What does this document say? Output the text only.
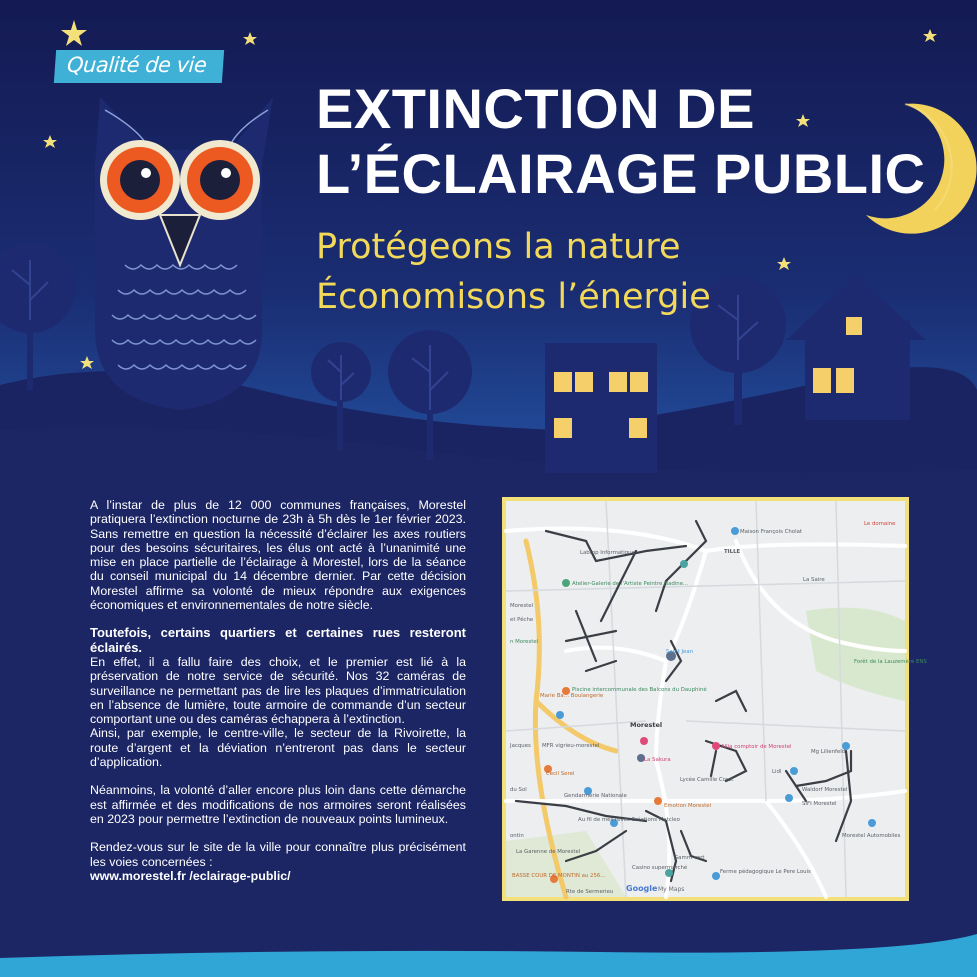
Qualité de vie
EXTINCTION DE
L’ÉCLAIRAGE PUBLIC
Protégeons la nature
Économisons l’énergie

A l’instar de plus de 12 000 communes françaises, Morestel pratiquera l’extinction nocturne de 23h à 5h dès le 1er février 2023. Sans remettre en question la nécessité d’éclairer les axes routiers pour des besoins sécuritaires, les élus ont acté à l’unanimité une mise en place partielle de l’éclairage à Morestel, lors de la séance du conseil municipal du 14 décembre dernier. Par cette décision Morestel affirme sa volonté de mieux répondre aux exigences économiques et environnementales de notre siècle.

Toutefois, certains quartiers et certaines rues resteront éclairés.

En effet, il a fallu faire des choix, et le premier est lié à la préservation de notre service de sécurité. Nos 32 caméras de surveillance ne permettant pas de lire les plaques d’immatriculation en l’absence de lumière, toute armoire de commande d’un secteur comportant une ou des caméras échappera à l’extinction.

Ainsi, par exemple, le centre-ville, le secteur de la Rivoirette, la route d’argent et la déviation n’entreront pas dans le secteur d’application.

Néanmoins, la volonté d’aller encore plus loin dans cette démarche est affirmée et des modifications de nos armoires seront réalisées en 2023 pour permettre l’extinction de nouveaux points lumineux.

Rendez-vous sur le site de la ville pour connaître plus précisément les voies concernées :

www.morestel.fr /eclairage-public/
Maison François Cholat
Le domaine
TILLE
Labtop Informatique
La Saire
Atelier-Galerie de l’Artiste Peintre Nadine...
Morestel
et Pêche
n Morestel
Saint Jean
Forêt de la Lauzemère ENS
Piscine intercommunale des Balcons du Dauphiné
Marie Ba… Boulangerie
Morestel
MFR vigrieu-morestel
Jacques
La Sakura
Allia comptoir de Morestel
Mg Lilienfeld
Lycée Camille Corot
Lidl
Waldorf Morestel
SIFI Morestel
Cecil Serel
du Sol
Gendarmerie Nationale
Emotion Morestel
Au fil de mes rêves Créations Matcleo
Morestel Automobiles
ontin
La Garenne de Morestel
Gamm vert
Casino supermarché
Ferme pédagogique Le Pere Louis
BASSE COUR DE MONTIN au 256...
Rte de Sermerieu Google My Maps
